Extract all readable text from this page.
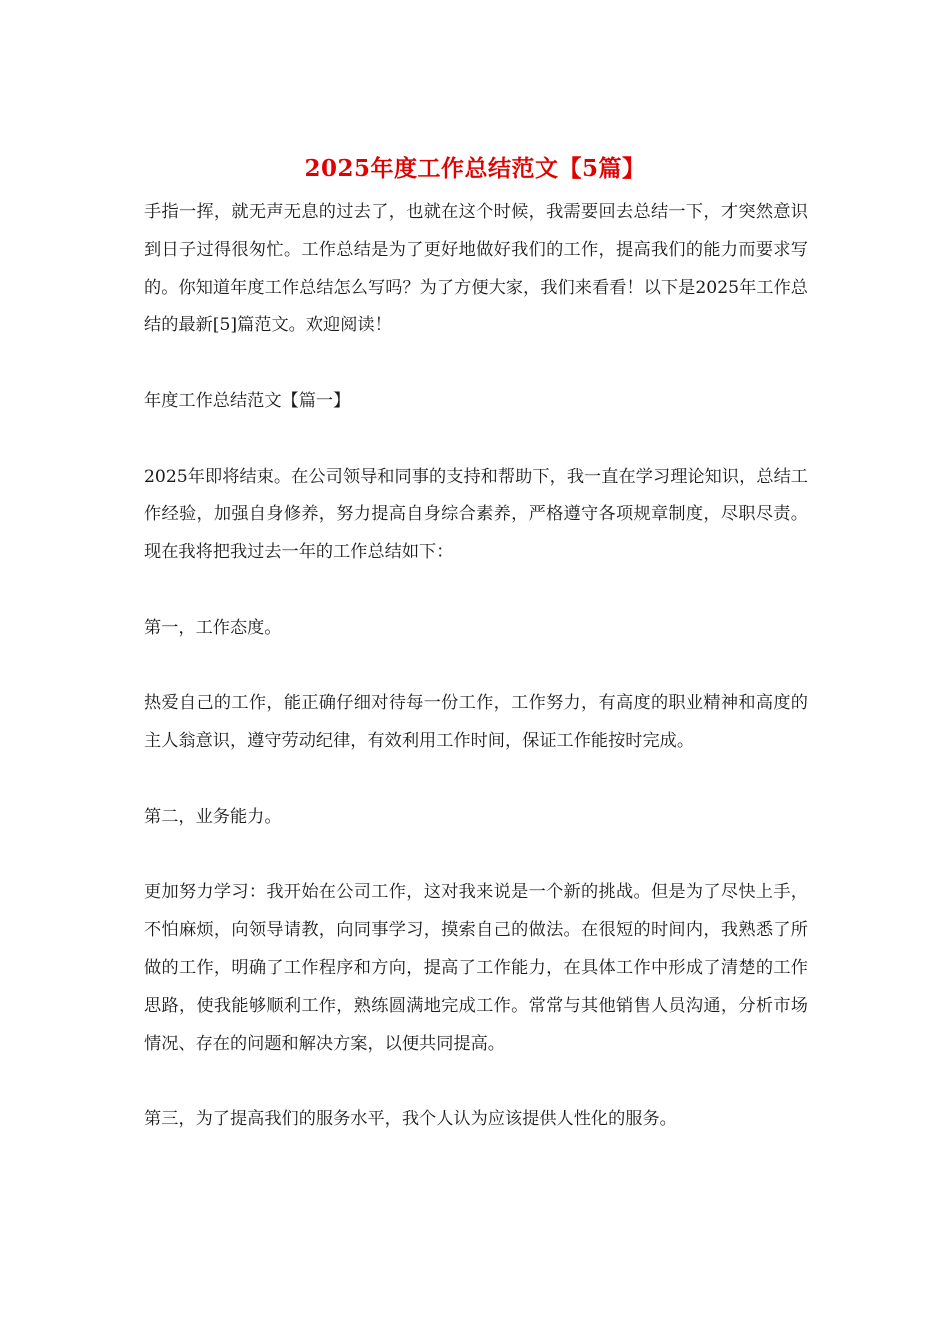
2025年度工作总结范文【5篇】

手指一挥，就无声无息的过去了，也就在这个时候，我需要回去总结一下，才突然意识到日子过得很匆忙。工作总结是为了更好地做好我们的工作，提高我们的能力而要求写的。你知道年度工作总结怎么写吗？为了方便大家，我们来看看！以下是2025年工作总结的最新[5]篇范文。欢迎阅读！

年度工作总结范文【篇一】

2025年即将结束。在公司领导和同事的支持和帮助下，我一直在学习理论知识，总结工作经验，加强自身修养，努力提高自身综合素养，严格遵守各项规章制度，尽职尽责。现在我将把我过去一年的工作总结如下：

第一，工作态度。

热爱自己的工作，能正确仔细对待每一份工作，工作努力，有高度的职业精神和高度的主人翁意识，遵守劳动纪律，有效利用工作时间，保证工作能按时完成。

第二，业务能力。

更加努力学习：我开始在公司工作，这对我来说是一个新的挑战。但是为了尽快上手，不怕麻烦，向领导请教，向同事学习，摸索自己的做法。在很短的时间内，我熟悉了所做的工作，明确了工作程序和方向，提高了工作能力，在具体工作中形成了清楚的工作思路，使我能够顺利工作，熟练圆满地完成工作。常常与其他销售人员沟通，分析市场情况、存在的问题和解决方案，以便共同提高。

第三，为了提高我们的服务水平，我个人认为应该提供人性化的服务。
